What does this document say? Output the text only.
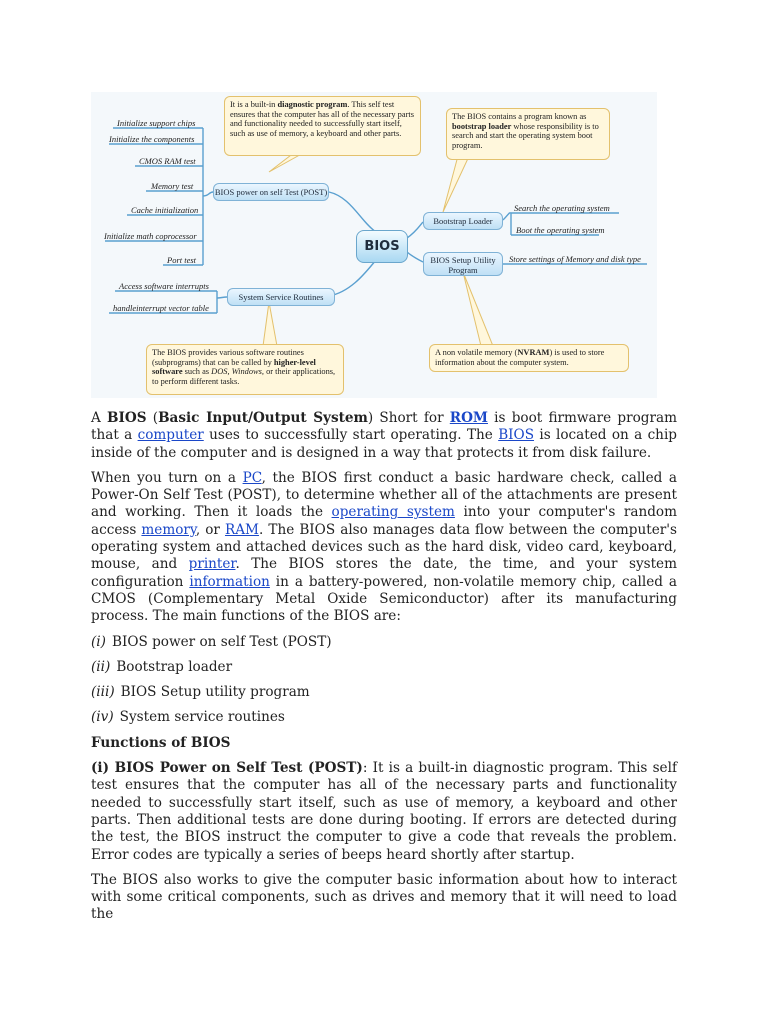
Initialize support chips
Initialize the components
CMOS RAM test
Memory test
Cache initialization
Initialize math coprocessor
Port test
Access software interrupts
handleinterrupt vector table
Search the operating system
Boot the operating system
Store settings of Memory and disk type
BIOS power on self Test (POST)
System Service Routines
Bootstrap Loader
BIOS Setup Utility Program
BIOS
It is a built-in diagnostic program. This self test ensures that the computer has all of the necessary parts and functionality needed to successfully start itself, such as use of memory, a keyboard and other parts.
The BIOS contains a program known as bootstrap loader whose responsibility is to search and start the operating system boot program.
The BIOS provides various software routines (subprograms) that can be called by higher-level software such as DOS, Windows, or their applications, to perform different tasks.
A non volatile memory (NVRAM) is used to store information about the computer system.

A BIOS (Basic Input/Output System) Short for ROM is boot firmware program that a computer uses to successfully start operating. The BIOS is located on a chip inside of the computer and is designed in a way that protects it from disk failure.

When you turn on a PC, the BIOS first conduct a basic hardware check, called a Power-On Self Test (POST), to determine whether all of the attachments are present and working. Then it loads the operating system into your computer's random access memory, or RAM. The BIOS also manages data flow between the computer's operating system and attached devices such as the hard disk, video card, keyboard, mouse, and printer. The BIOS stores the date, the time, and your system configuration information in a battery-powered, non-volatile memory chip, called a CMOS (Complementary Metal Oxide Semiconductor) after its manufacturing process. The main functions of the BIOS are:

(i) BIOS power on self Test (POST)
(ii) Bootstrap loader
(iii) BIOS Setup utility program
(iv) System service routines
Functions of BIOS

(i) BIOS Power on Self Test (POST): It is a built-in diagnostic program. This self test ensures that the computer has all of the necessary parts and functionality needed to successfully start itself, such as use of memory, a keyboard and other parts. Then additional tests are done during booting. If errors are detected during the test, the BIOS instruct the computer to give a code that reveals the problem. Error codes are typically a series of beeps heard shortly after startup.

The BIOS also works to give the computer basic information about how to interact with some critical components, such as drives and memory that it will need to load the
